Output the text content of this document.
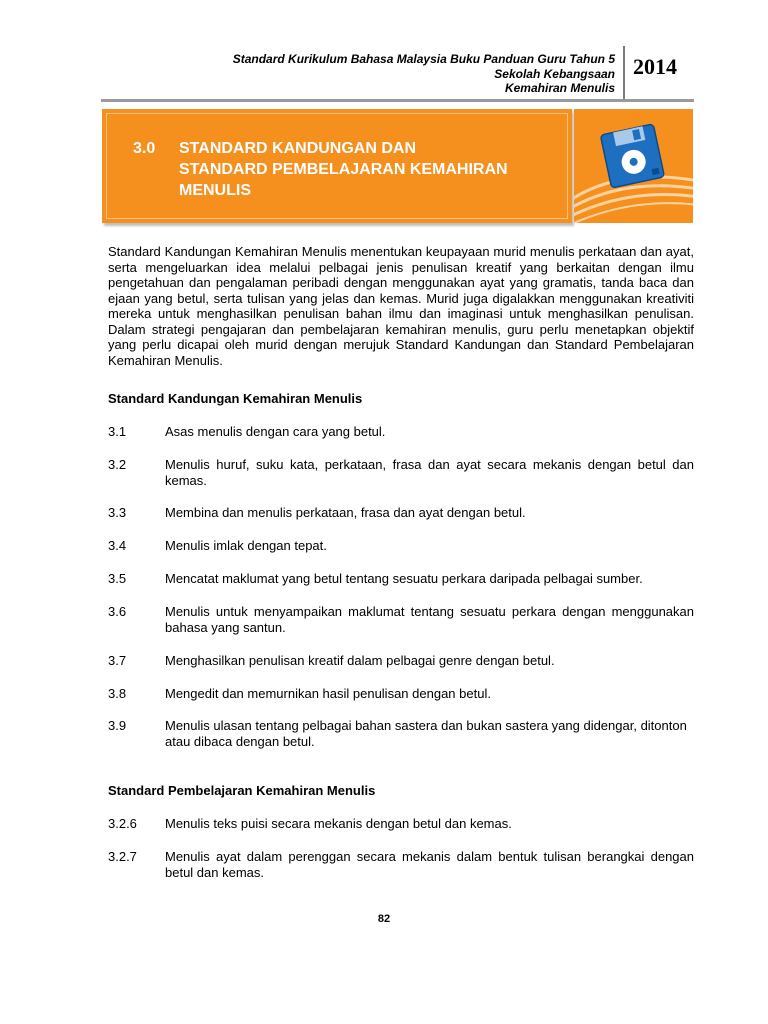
Standard Kurikulum Bahasa Malaysia Buku Panduan Guru Tahun 5
Sekolah Kebangsaan
Kemahiran Menulis
2014
3.0 STANDARD KANDUNGAN DAN
STANDARD PEMBELAJARAN KEMAHIRAN
MENULIS
Standard Kandungan Kemahiran Menulis menentukan keupayaan murid menulis perkataan dan ayat, serta mengeluarkan idea melalui pelbagai jenis penulisan kreatif yang berkaitan dengan ilmu pengetahuan dan pengalaman peribadi dengan menggunakan ayat yang gramatis, tanda baca dan ejaan yang betul, serta tulisan yang jelas dan kemas. Murid juga digalakkan menggunakan kreativiti mereka untuk menghasilkan penulisan bahan ilmu dan imaginasi untuk menghasilkan penulisan. Dalam strategi pengajaran dan pembelajaran kemahiran menulis, guru perlu menetapkan objektif yang perlu dicapai oleh murid dengan merujuk Standard Kandungan dan Standard Pembelajaran Kemahiran Menulis.
Standard Kandungan Kemahiran Menulis
3.1	Asas menulis dengan cara yang betul.
3.2	Menulis huruf, suku kata, perkataan, frasa dan ayat secara mekanis dengan betul dan kemas.
3.3	Membina dan menulis perkataan, frasa dan ayat dengan betul.
3.4	Menulis imlak dengan tepat.
3.5	Mencatat maklumat yang betul tentang sesuatu perkara daripada pelbagai sumber.
3.6	Menulis untuk menyampaikan maklumat tentang sesuatu perkara dengan menggunakan bahasa yang santun.
3.7	Menghasilkan penulisan kreatif dalam pelbagai genre dengan betul.
3.8	Mengedit dan memurnikan hasil penulisan dengan betul.
3.9	Menulis ulasan tentang pelbagai bahan sastera dan bukan sastera yang didengar, ditonton atau dibaca dengan betul.
Standard Pembelajaran Kemahiran Menulis
3.2.6 Menulis teks puisi secara mekanis dengan betul dan kemas.
3.2.7 Menulis ayat dalam perenggan secara mekanis dalam bentuk tulisan berangkai dengan betul dan kemas.
82
